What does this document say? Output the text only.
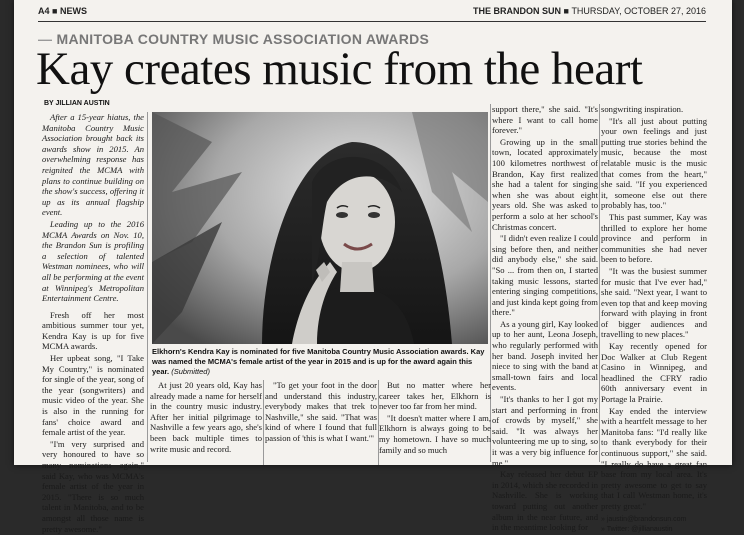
A4 ■ NEWS	THE BRANDON SUN ■ THURSDAY, OCTOBER 27, 2016
— MANITOBA COUNTRY MUSIC ASSOCIATION AWARDS
Kay creates music from the heart
BY JILLIAN AUSTIN

After a 15-year hiatus, the Manitoba Country Music Association brought back its awards show in 2015. An overwhelming response has reignited the MCMA with plans to continue building on the show's success, offering it up as its annual flagship event.

Leading up to the 2016 MCMA Awards on Nov. 10, the Brandon Sun is profiling a selection of talented Westman nominees, who will all be performing at the event at Winnipeg's Metropolitan Entertainment Centre.

Fresh off her most ambitious summer tour yet, Kendra Kay is up for five MCMA awards.

Her upbeat song, "I Take My Country," is nominated for single of the year, song of the year (songwriters) and music video of the year. She is also in the running for fans' choice award and female artist of the year.

"I'm very surprised and very honoured to have so many nominations again," said Kay, who was MCMA's female artist of the year in 2015. "There is so much talent in Manitoba, and to be amongst all those name is pretty awesome."

Elkhorn's Kendra Kay is nominated for five Manitoba Country Music Association awards. Kay was named the MCMA's female artist of the year in 2015 and is up for the award again this year. (Submitted)

At just 20 years old, Kay has already made a name for herself in the country music industry. After her initial pilgrimage to Nashville a few years ago, she's been back multiple times to write music and record.

"To get your foot in the door and understand this industry, everybody makes that trek to Nashville," she said. "That was kind of where I found that full passion of 'this is what I want.'"

But no matter where her career takes her, Elkhorn is never too far from her mind.

"It doesn't matter where I am, Elkhorn is always going to be my hometown. I have so much family and so much

support there," she said. "It's where I want to call home forever."

Growing up in the small town, located approximately 100 kilometres northwest of Brandon, Kay first realized she had a talent for singing when she was about eight years old. She was asked to perform a solo at her school's Christmas concert.

"I didn't even realize I could sing before then, and neither did anybody else," she said. "So ... from then on, I started taking music lessons, started entering singing competitions, and just kinda kept going from there."

As a young girl, Kay looked up to her aunt, Leona Joseph, who regularly performed with her band. Joseph invited her niece to sing with the band at small-town fairs and local events.

"It's thanks to her I got my start and performing in front of crowds by myself," she said. "It was always her volunteering me up to sing, so it was a very big influence for me."

Kay released her debut EP in 2014, which she recorded in Nashville. She is working toward putting out another album in the near future, and in the meantime looking for

songwriting inspiration.

"It's all just about putting your own feelings and just putting true stories behind the music, because the most relatable music is the music that comes from the heart," she said. "If you experienced it, someone else out there probably has, too."

This past summer, Kay was thrilled to explore her home province and perform in communities she had never been to before.

"It was the busiest summer for music that I've ever had," she said. "Next year, I want to even top that and keep moving forward with playing in front of bigger audiences and travelling to new places."

Kay recently opened for Doc Walker at Club Regent Casino in Winnipeg, and headlined the CFRY radio 60th anniversary event in Portage la Prairie.

Kay ended the interview with a heartfelt message to her Manitoba fans: "I'd really like to thank everybody for their continuous support," she said. "I really do have a great fan base from my local area. It's pretty awesome to get to say that I call Westman home, it's pretty great."

» jaustin@brandonsun.com
» Twitter: @jillianaustin
